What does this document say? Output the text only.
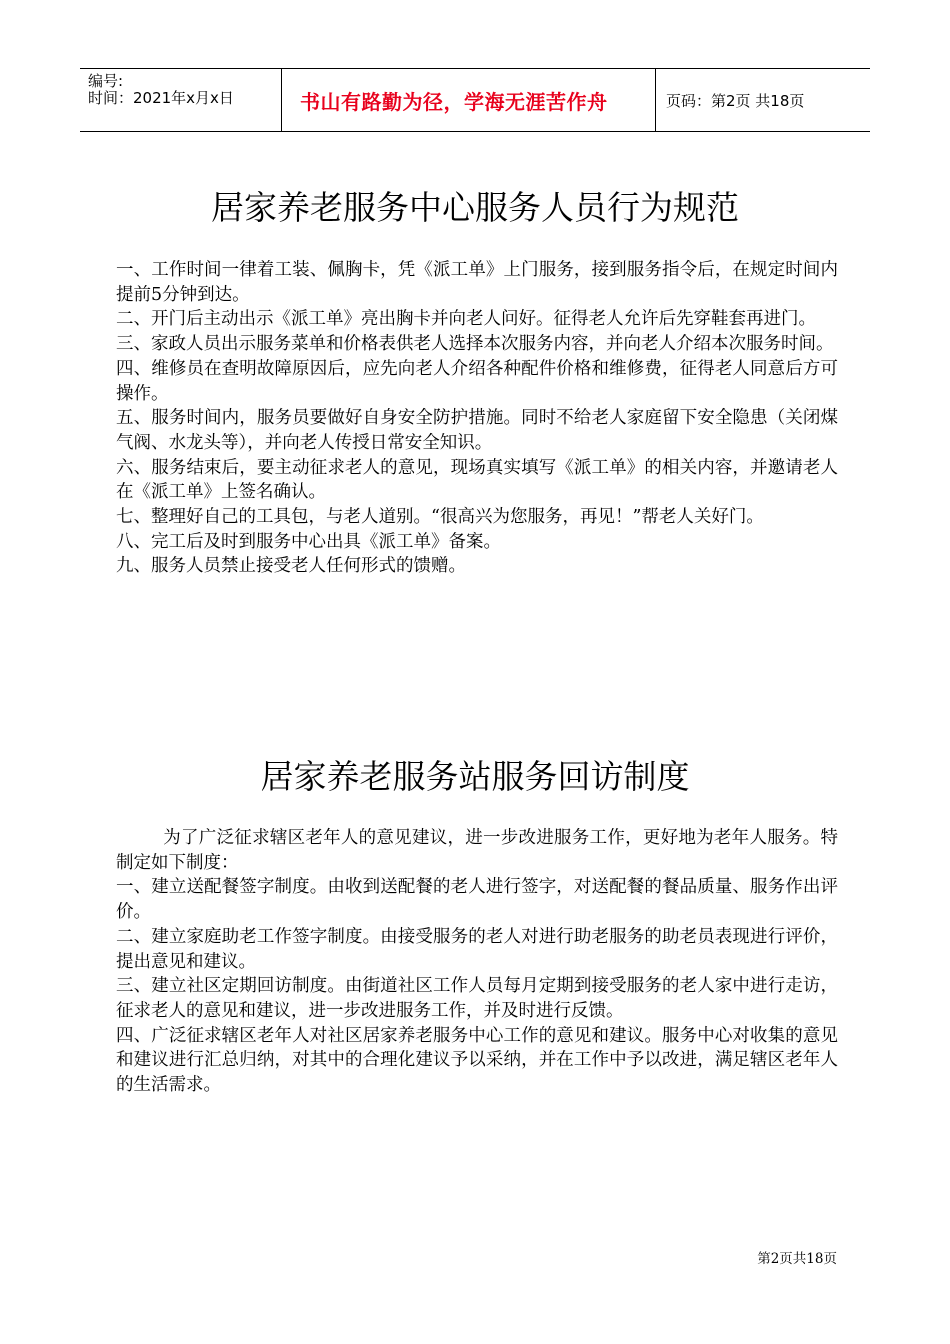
编号:
时间：2021年x月x日	书山有路勤为径，学海无涯苦作舟	页码：第2页 共18页
居家养老服务中心服务人员行为规范

一、工作时间一律着工装、佩胸卡，凭《派工单》上门服务，接到服务指令后，在规定时间内提前5分钟到达。

二、开门后主动出示《派工单》亮出胸卡并向老人问好。征得老人允许后先穿鞋套再进门。

三、家政人员出示服务菜单和价格表供老人选择本次服务内容，并向老人介绍本次服务时间。

四、维修员在查明故障原因后，应先向老人介绍各种配件价格和维修费，征得老人同意后方可操作。

五、服务时间内，服务员要做好自身安全防护措施。同时不给老人家庭留下安全隐患（关闭煤气阀、水龙头等），并向老人传授日常安全知识。

六、服务结束后，要主动征求老人的意见，现场真实填写《派工单》的相关内容，并邀请老人在《派工单》上签名确认。

七、整理好自己的工具包，与老人道别。“很高兴为您服务，再见！”帮老人关好门。

八、完工后及时到服务中心出具《派工单》备案。

九、服务人员禁止接受老人任何形式的馈赠。

居家养老服务站服务回访制度

为了广泛征求辖区老年人的意见建议，进一步改进服务工作，更好地为老年人服务。特制定如下制度：

一、建立送配餐签字制度。由收到送配餐的老人进行签字，对送配餐的餐品质量、服务作出评价。

二、建立家庭助老工作签字制度。由接受服务的老人对进行助老服务的助老员表现进行评价，提出意见和建议。

三、建立社区定期回访制度。由街道社区工作人员每月定期到接受服务的老人家中进行走访，征求老人的意见和建议，进一步改进服务工作，并及时进行反馈。

四、广泛征求辖区老年人对社区居家养老服务中心工作的意见和建议。服务中心对收集的意见和建议进行汇总归纳，对其中的合理化建议予以采纳，并在工作中予以改进，满足辖区老年人的生活需求。

第2页共18页
